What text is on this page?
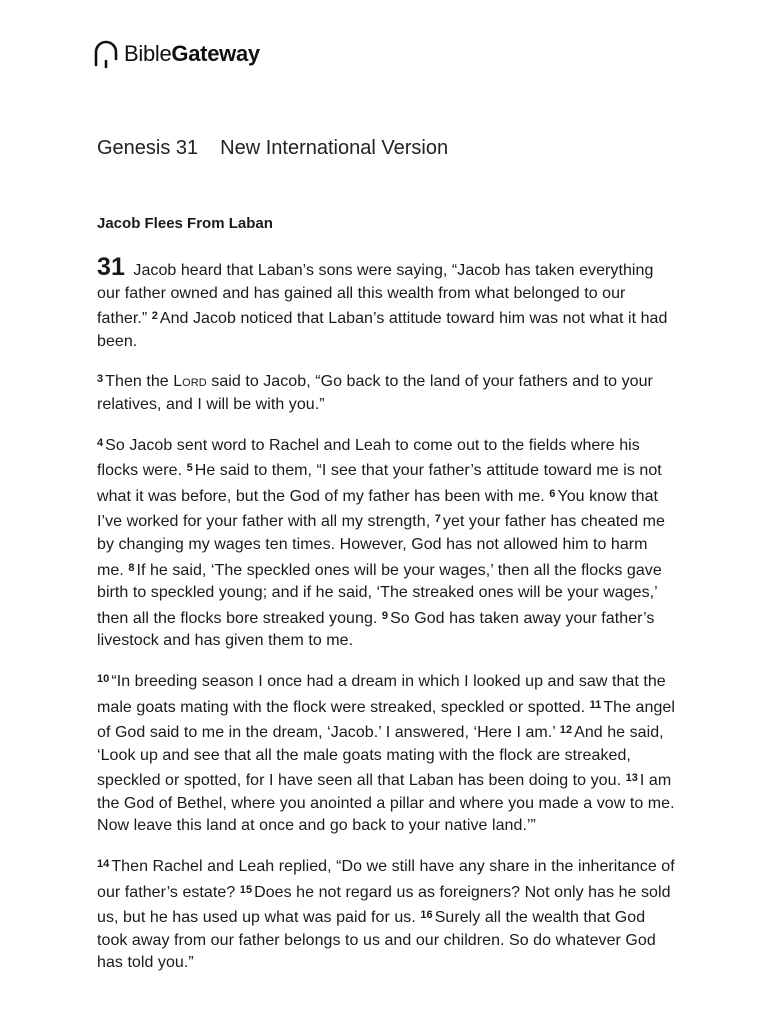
BibleGateway
Genesis 31 New International Version
Jacob Flees From Laban

31 Jacob heard that Laban’s sons were saying, “Jacob has taken everything our father owned and has gained all this wealth from what belonged to our father.” $^2$ And Jacob noticed that Laban’s attitude toward him was not what it had been.

$^3$ Then the Lord said to Jacob, “Go back to the land of your fathers and to your relatives, and I will be with you.”

$^4$ So Jacob sent word to Rachel and Leah to come out to the fields where his flocks were. $^5$ He said to them, “I see that your father’s attitude toward me is not what it was before, but the God of my father has been with me. $^6$ You know that I’ve worked for your father with all my strength, $^7$ yet your father has cheated me by changing my wages ten times. However, God has not allowed him to harm me. $^8$ If he said, ‘The speckled ones will be your wages,’ then all the flocks gave birth to speckled young; and if he said, ‘The streaked ones will be your wages,’ then all the flocks bore streaked young. $^9$ So God has taken away your father’s livestock and has given them to me.

$^{10}$ “In breeding season I once had a dream in which I looked up and saw that the male goats mating with the flock were streaked, speckled or spotted. $^{11}$ The angel of God said to me in the dream, ‘Jacob.’ I answered, ‘Here I am.’ $^{12}$ And he said, ‘Look up and see that all the male goats mating with the flock are streaked, speckled or spotted, for I have seen all that Laban has been doing to you. $^{13}$ I am the God of Bethel, where you anointed a pillar and where you made a vow to me. Now leave this land at once and go back to your native land.’”

$^{14}$ Then Rachel and Leah replied, “Do we still have any share in the inheritance of our father’s estate? $^{15}$ Does he not regard us as foreigners? Not only has he sold us, but he has used up what was paid for us. $^{16}$ Surely all the wealth that God took away from our father belongs to us and our children. So do whatever God has told you.”
